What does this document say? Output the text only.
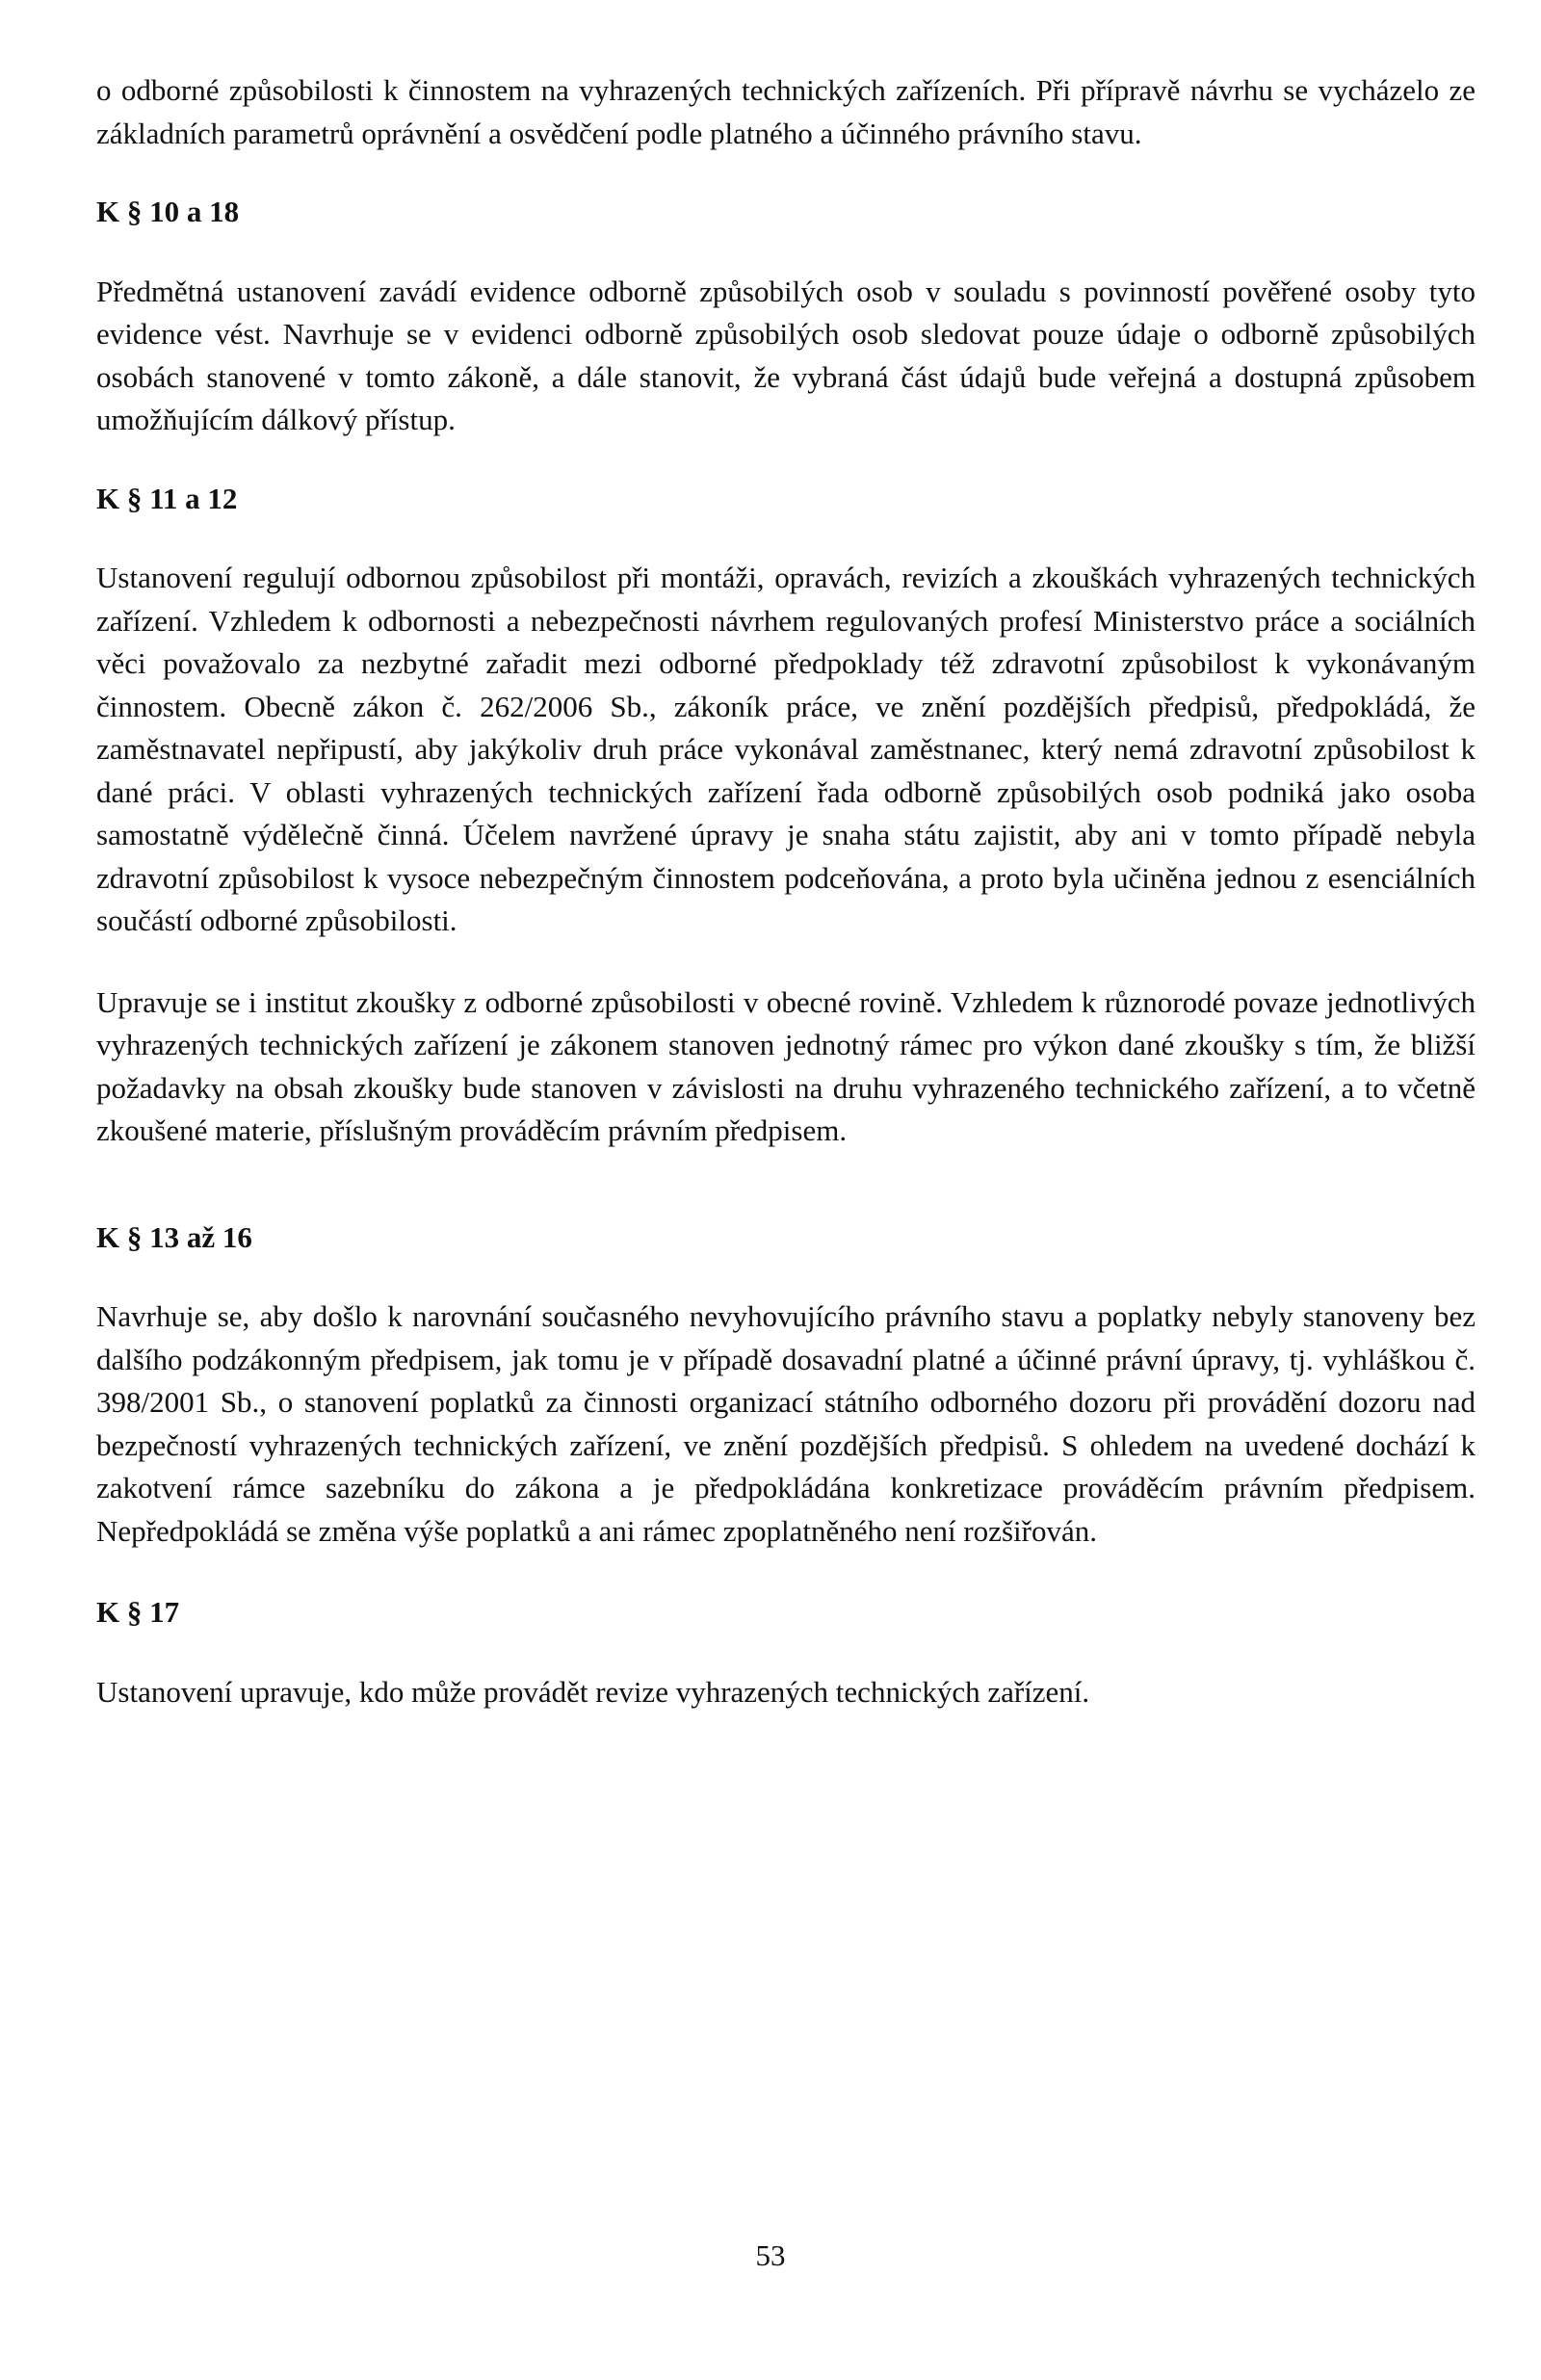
o odborné způsobilosti k činnostem na vyhrazených technických zařízeních. Při přípravě návrhu se vycházelo ze základních parametrů oprávnění a osvědčení podle platného a účinného právního stavu.

K § 10 a 18

Předmětná ustanovení zavádí evidence odborně způsobilých osob v souladu s povinností pověřené osoby tyto evidence vést. Navrhuje se v evidenci odborně způsobilých osob sledovat pouze údaje o odborně způsobilých osobách stanovené v tomto zákoně, a dále stanovit, že vybraná část údajů bude veřejná a dostupná způsobem umožňujícím dálkový přístup.

K § 11 a 12

Ustanovení regulují odbornou způsobilost při montáži, opravách, revizích a zkouškách vyhrazených technických zařízení. Vzhledem k odbornosti a nebezpečnosti návrhem regulovaných profesí Ministerstvo práce a sociálních věci považovalo za nezbytné zařadit mezi odborné předpoklady též zdravotní způsobilost k vykonávaným činnostem. Obecně zákon č. 262/2006 Sb., zákoník práce, ve znění pozdějších předpisů, předpokládá, že zaměstnavatel nepřipustí, aby jakýkoliv druh práce vykonával zaměstnanec, který nemá zdravotní způsobilost k dané práci. V oblasti vyhrazených technických zařízení řada odborně způsobilých osob podniká jako osoba samostatně výdělečně činná. Účelem navržené úpravy je snaha státu zajistit, aby ani v tomto případě nebyla zdravotní způsobilost k vysoce nebezpečným činnostem podceňována, a proto byla učiněna jednou z esenciálních součástí odborné způsobilosti.

Upravuje se i institut zkoušky z odborné způsobilosti v obecné rovině. Vzhledem k různorodé povaze jednotlivých vyhrazených technických zařízení je zákonem stanoven jednotný rámec pro výkon dané zkoušky s tím, že bližší požadavky na obsah zkoušky bude stanoven v závislosti na druhu vyhrazeného technického zařízení, a to včetně zkoušené materie, příslušným prováděcím právním předpisem.

K § 13 až 16

Navrhuje se, aby došlo k narovnání současného nevyhovujícího právního stavu a poplatky nebyly stanoveny bez dalšího podzákonným předpisem, jak tomu je v případě dosavadní platné a účinné právní úpravy, tj. vyhláškou č. 398/2001 Sb., o stanovení poplatků za činnosti organizací státního odborného dozoru při provádění dozoru nad bezpečností vyhrazených technických zařízení, ve znění pozdějších předpisů. S ohledem na uvedené dochází k zakotvení rámce sazebníku do zákona a je předpokládána konkretizace prováděcím právním předpisem. Nepředpokládá se změna výše poplatků a ani rámec zpoplatněného není rozšiřován.

K § 17

Ustanovení upravuje, kdo může provádět revize vyhrazených technických zařízení.

53
